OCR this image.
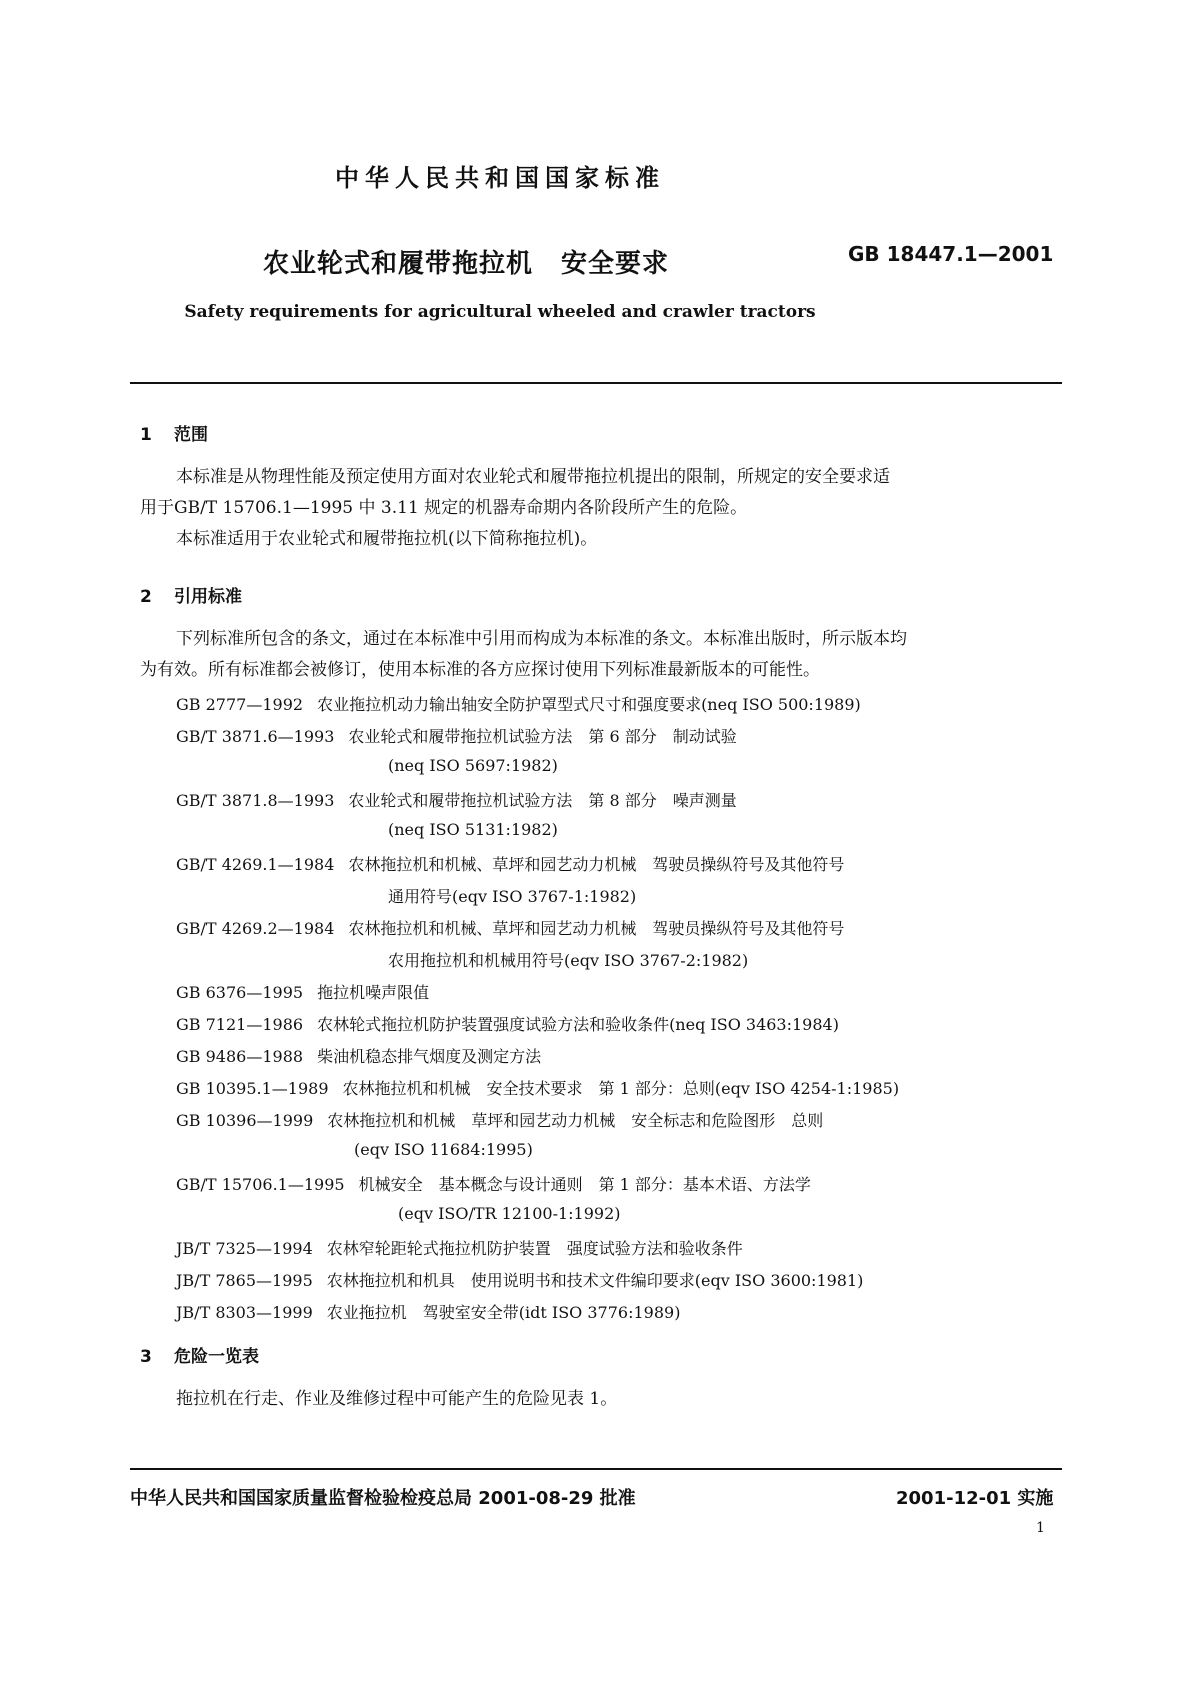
中华人民共和国国家标准
农业轮式和履带拖拉机 安全要求	GB 18447.1—2001
Safety requirements for agricultural wheeled and crawler tractors
1 范围
本标准是从物理性能及预定使用方面对农业轮式和履带拖拉机提出的限制，所规定的安全要求适
用于GB/T 15706.1—1995 中 3.11 规定的机器寿命期内各阶段所产生的危险。
本标准适用于农业轮式和履带拖拉机(以下简称拖拉机)。
2 引用标准
下列标准所包含的条文，通过在本标准中引用而构成为本标准的条文。本标准出版时，所示版本均
为有效。所有标准都会被修订，使用本标准的各方应探讨使用下列标准最新版本的可能性。
GB 2777—1992 农业拖拉机动力输出轴安全防护罩型式尺寸和强度要求(neq ISO 500:1989)
GB/T 3871.6—1993 农业轮式和履带拖拉机试验方法　第 6 部分　制动试验
(neq ISO 5697:1982)
GB/T 3871.8—1993 农业轮式和履带拖拉机试验方法　第 8 部分　噪声测量
(neq ISO 5131:1982)
GB/T 4269.1—1984 农林拖拉机和机械、草坪和园艺动力机械　驾驶员操纵符号及其他符号
通用符号(eqv ISO 3767-1:1982)
GB/T 4269.2—1984 农林拖拉机和机械、草坪和园艺动力机械　驾驶员操纵符号及其他符号
农用拖拉机和机械用符号(eqv ISO 3767-2:1982)
GB 6376—1995 拖拉机噪声限值
GB 7121—1986 农林轮式拖拉机防护装置强度试验方法和验收条件(neq ISO 3463:1984)
GB 9486—1988 柴油机稳态排气烟度及测定方法
GB 10395.1—1989 农林拖拉机和机械　安全技术要求　第 1 部分：总则(eqv ISO 4254-1:1985)
GB 10396—1999 农林拖拉机和机械　草坪和园艺动力机械　安全标志和危险图形　总则
(eqv ISO 11684:1995)
GB/T 15706.1—1995 机械安全　基本概念与设计通则　第 1 部分：基本术语、方法学
(eqv ISO/TR 12100-1:1992)
JB/T 7325—1994 农林窄轮距轮式拖拉机防护装置　强度试验方法和验收条件
JB/T 7865—1995 农林拖拉机和机具　使用说明书和技术文件编印要求(eqv ISO 3600:1981)
JB/T 8303—1999 农业拖拉机　驾驶室安全带(idt ISO 3776:1989)
3 危险一览表
拖拉机在行走、作业及维修过程中可能产生的危险见表 1。
中华人民共和国国家质量监督检验检疫总局 2001-08-29 批准	2001-12-01 实施
1
